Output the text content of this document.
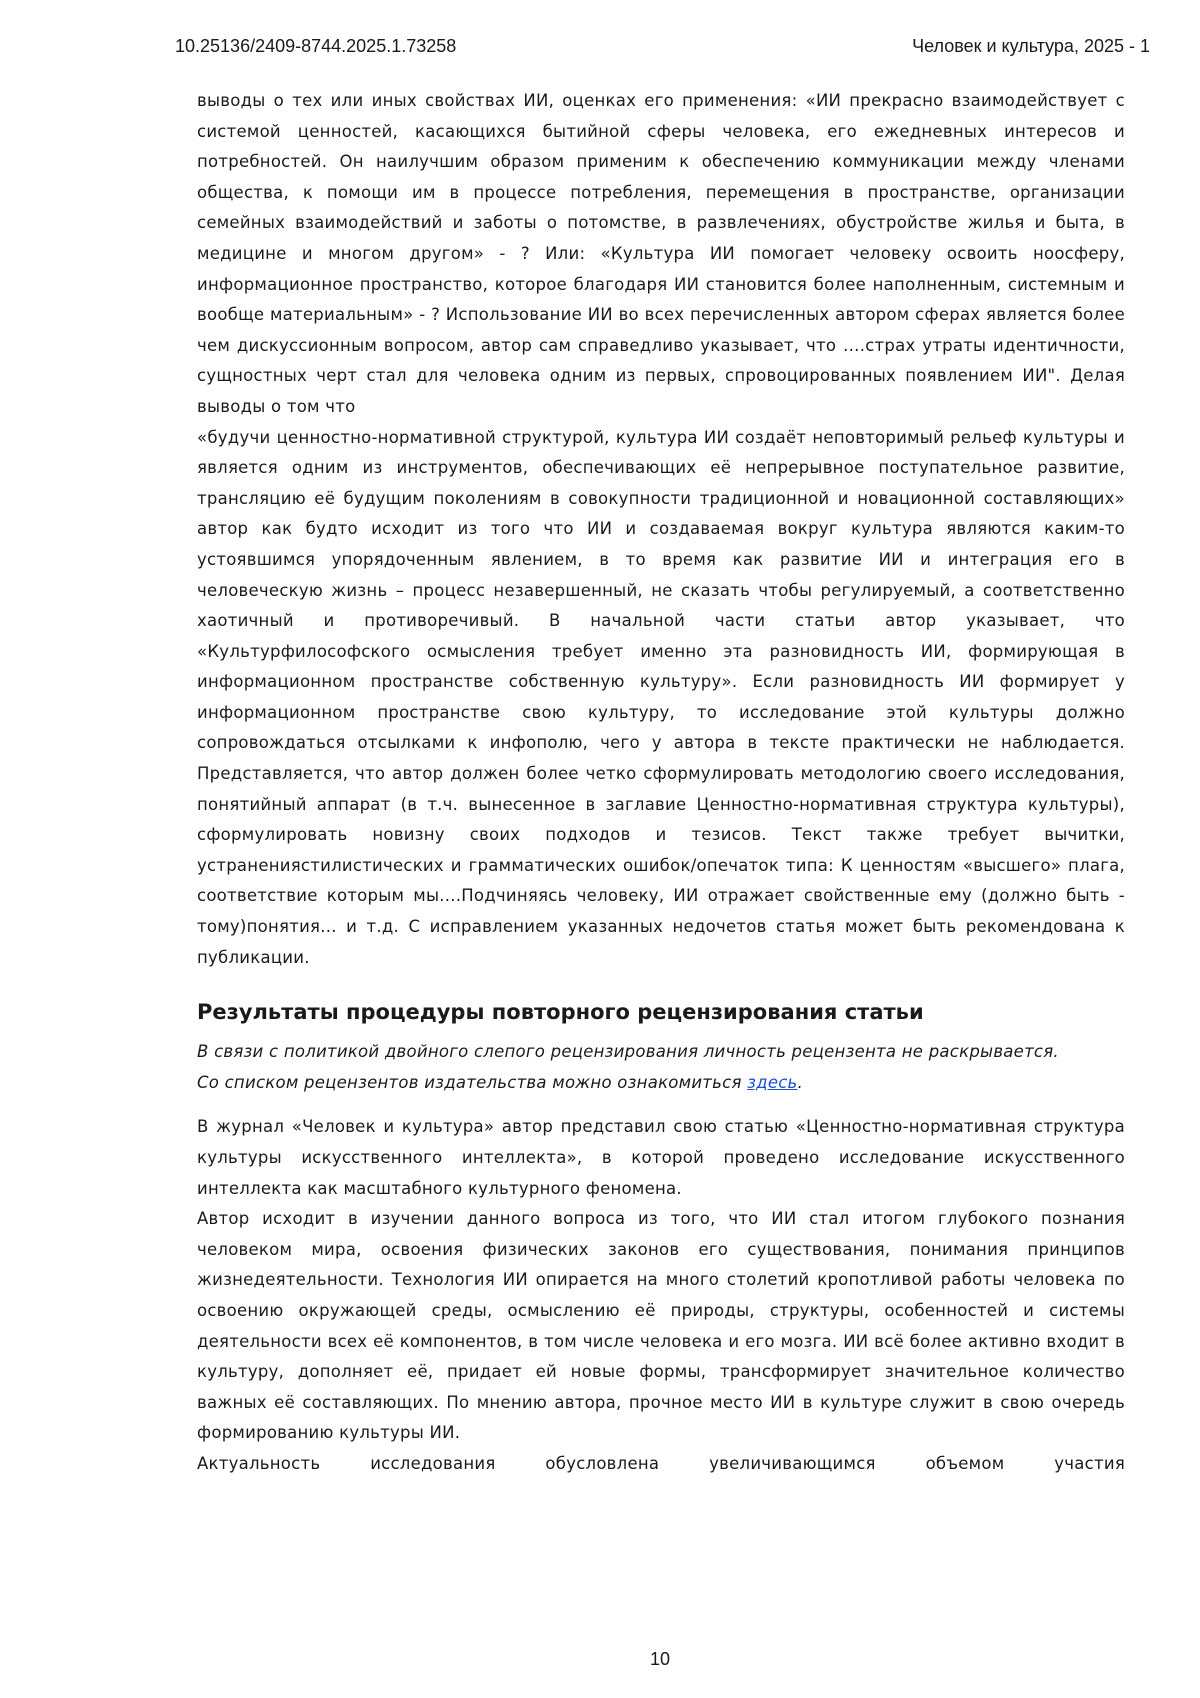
10.25136/2409-8744.2025.1.73258	Человек и культура, 2025 - 1

выводы о тех или иных свойствах ИИ, оценках его применения: «ИИ прекрасно взаимодействует с системой ценностей, касающихся бытийной сферы человека, его ежедневных интересов и потребностей. Он наилучшим образом применим к обеспечению коммуникации между членами общества, к помощи им в процессе потребления, перемещения в пространстве, организации семейных взаимодействий и заботы о потомстве, в развлечениях, обустройстве жилья и быта, в медицине и многом другом» - ? Или: «Культура ИИ помогает человеку освоить ноосферу, информационное пространство, которое благодаря ИИ становится более наполненным, системным и вообще материальным» - ? Использование ИИ во всех перечисленных автором сферах является более чем дискуссионным вопросом, автор сам справедливо указывает, что ….страх утраты идентичности, сущностных черт стал для человека одним из первых, спровоцированных появлением ИИ". Делая выводы о том что

«будучи ценностно-нормативной структурой, культура ИИ создаёт неповторимый рельеф культуры и является одним из инструментов, обеспечивающих её непрерывное поступательное развитие, трансляцию её будущим поколениям в совокупности традиционной и новационной составляющих» автор как будто исходит из того что ИИ и создаваемая вокруг культура являются каким-то устоявшимся упорядоченным явлением, в то время как развитие ИИ и интеграция его в человеческую жизнь – процесс незавершенный, не сказать чтобы регулируемый, а соответственно хаотичный и противоречивый. В начальной части статьи автор указывает, что «Культурфилософского осмысления требует именно эта разновидность ИИ, формирующая в информационном пространстве собственную культуру». Если разновидность ИИ формирует у информационном пространстве свою культуру, то исследование этой культуры должно сопровождаться отсылками к инфополю, чего у автора в тексте практически не наблюдается. Представляется, что автор должен более четко сформулировать методологию своего исследования, понятийный аппарат (в т.ч. вынесенное в заглавие Ценностно-нормативная структура культуры), сформулировать новизну своих подходов и тезисов. Текст также требует вычитки, устраненияcтилистических и грамматических ошибок/опечаток типа: К ценностям «высшего» плага, соответствие которым мы....Подчиняясь человеку, ИИ отражает свойственные ему (должно быть - тому)понятия... и т.д. С исправлением указанных недочетов статья может быть рекомендована к публикации.

Результаты процедуры повторного рецензирования статьи

В связи с политикой двойного слепого рецензирования личность рецензента не раскрывается.

Со списком рецензентов издательства можно ознакомиться здесь.

В журнал «Человек и культура» автор представил свою статью «Ценностно-нормативная структура культуры искусственного интеллекта», в которой проведено исследование искусственного интеллекта как масштабного культурного феномена.

Автор исходит в изучении данного вопроса из того, что ИИ стал итогом глубокого познания человеком мира, освоения физических законов его существования, понимания принципов жизнедеятельности. Технология ИИ опирается на много столетий кропотливой работы человека по освоению окружающей среды, осмыслению её природы, структуры, особенностей и системы деятельности всех её компонентов, в том числе человека и его мозга. ИИ всё более активно входит в культуру, дополняет её, придает ей новые формы, трансформирует значительное количество важных её составляющих. По мнению автора, прочное место ИИ в культуре служит в свою очередь формированию культуры ИИ.

Актуальность исследования обусловлена увеличивающимся объемом участия

10
